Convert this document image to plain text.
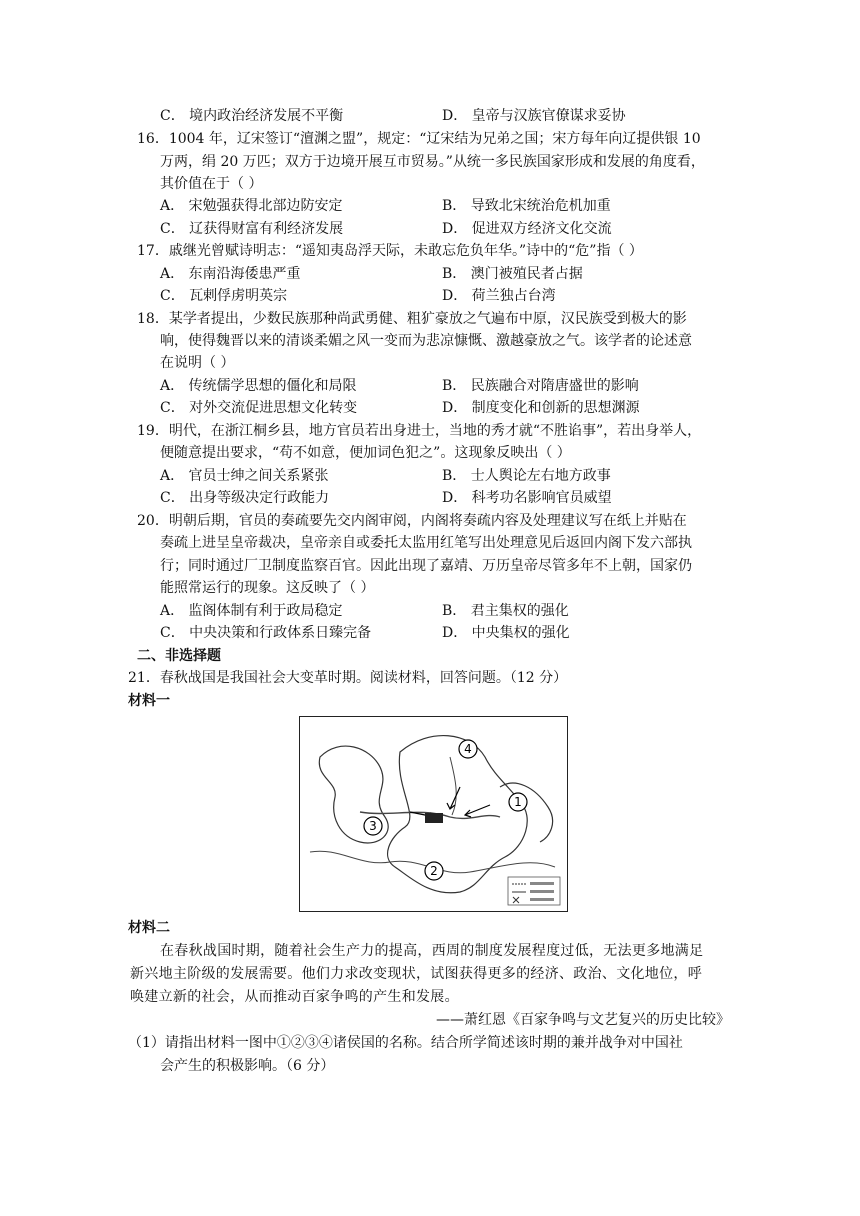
C． 境内政治经济发展不平衡	D． 皇帝与汉族官僚谋求妥协
16．1004 年，辽宋签订“澶渊之盟”，规定：“辽宋结为兄弟之国；宋方每年向辽提供银 10
万两，绢 20 万匹；双方于边境开展互市贸易。”从统一多民族国家形成和发展的角度看，
其价值在于（ ）
A． 宋勉强获得北部边防安定	B． 导致北宋统治危机加重
C． 辽获得财富有利经济发展	D． 促进双方经济文化交流
17．戚继光曾赋诗明志：“遥知夷岛浮天际，未敢忘危负年华。”诗中的“危”指（ ）
A． 东南沿海倭患严重	B． 澳门被殖民者占据
C． 瓦剌俘虏明英宗	D． 荷兰独占台湾
18．某学者提出，少数民族那种尚武勇健、粗犷豪放之气遍布中原，汉民族受到极大的影
响，使得魏晋以来的清谈柔媚之风一变而为悲凉慷慨、激越豪放之气。该学者的论述意
在说明（ ）
A． 传统儒学思想的僵化和局限	B． 民族融合对隋唐盛世的影响
C． 对外交流促进思想文化转变	D． 制度变化和创新的思想渊源
19．明代，在浙江桐乡县，地方官员若出身进士，当地的秀才就“不胜谄事”，若出身举人，
便随意提出要求，“苟不如意，便加词色犯之”。这现象反映出（ ）
A． 官员士绅之间关系紧张	B． 士人舆论左右地方政事
C． 出身等级决定行政能力	D． 科考功名影响官员威望
20．明朝后期，官员的奏疏要先交内阁审阅，内阁将奏疏内容及处理建议写在纸上并贴在
奏疏上进呈皇帝裁决，皇帝亲自或委托太监用红笔写出处理意见后返回内阁下发六部执
行；同时通过厂卫制度监察百官。因此出现了嘉靖、万历皇帝尽管多年不上朝，国家仍
能照常运行的现象。这反映了（ ）
A． 监阁体制有利于政局稳定	B． 君主集权的强化
C． 中央决策和行政体系日臻完备	D． 中央集权的强化
二、非选择题
21．春秋战国是我国社会大变革时期。阅读材料，回答问题。（12 分）
材料一
1
2
3
4
材料二
在春秋战国时期，随着社会生产力的提高，西周的制度发展程度过低，无法更多地满足
新兴地主阶级的发展需要。他们力求改变现状，试图获得更多的经济、政治、文化地位，呼
唤建立新的社会，从而推动百家争鸣的产生和发展。
——萧红恩《百家争鸣与文艺复兴的历史比较》
（1）请指出材料一图中①②③④诸侯国的名称。结合所学简述该时期的兼并战争对中国社
会产生的积极影响。（6 分）
